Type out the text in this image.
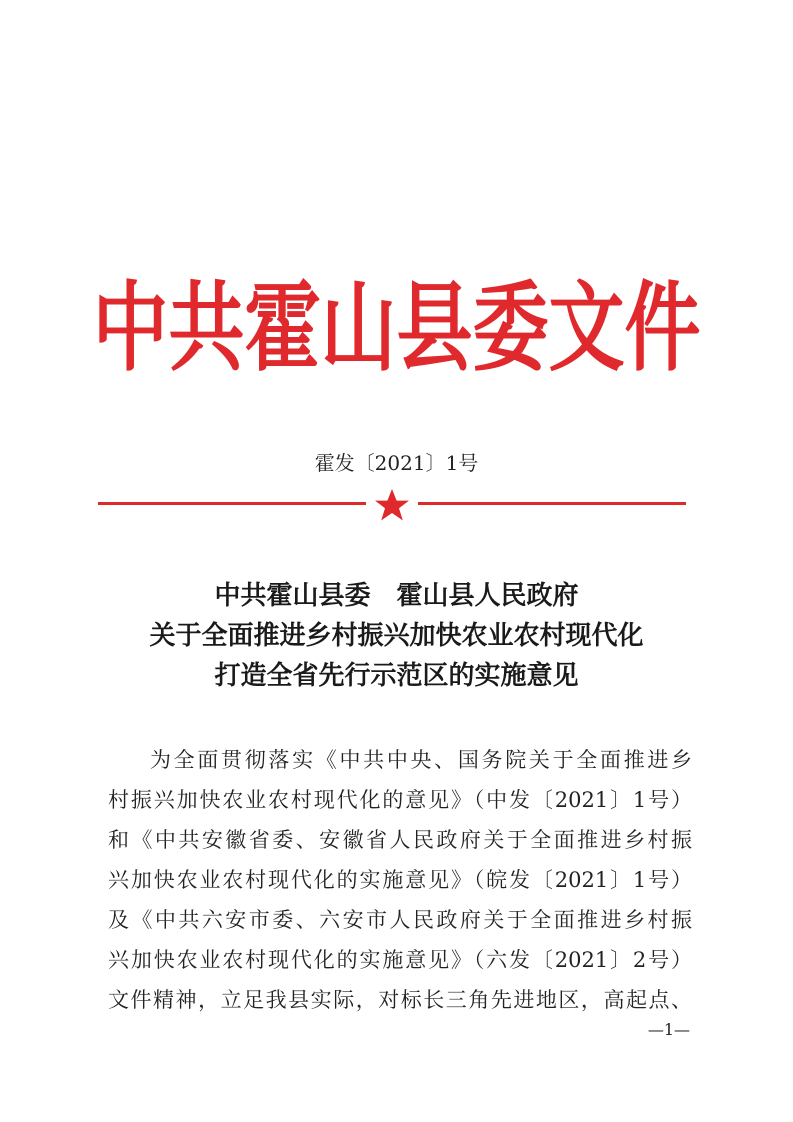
中共霍山县委文件
霍发〔2021〕1号
中共霍山县委　霍山县人民政府
关于全面推进乡村振兴加快农业农村现代化
打造全省先行示范区的实施意见
为全面贯彻落实《中共中央、国务院关于全面推进乡
村振兴加快农业农村现代化的意见》（中发〔2021〕1号）
和《中共安徽省委、安徽省人民政府关于全面推进乡村振
兴加快农业农村现代化的实施意见》（皖发〔2021〕1号）
及《中共六安市委、六安市人民政府关于全面推进乡村振
兴加快农业农村现代化的实施意见》（六发〔2021〕2号）
文件精神，立足我县实际，对标长三角先进地区，高起点、
—1—
